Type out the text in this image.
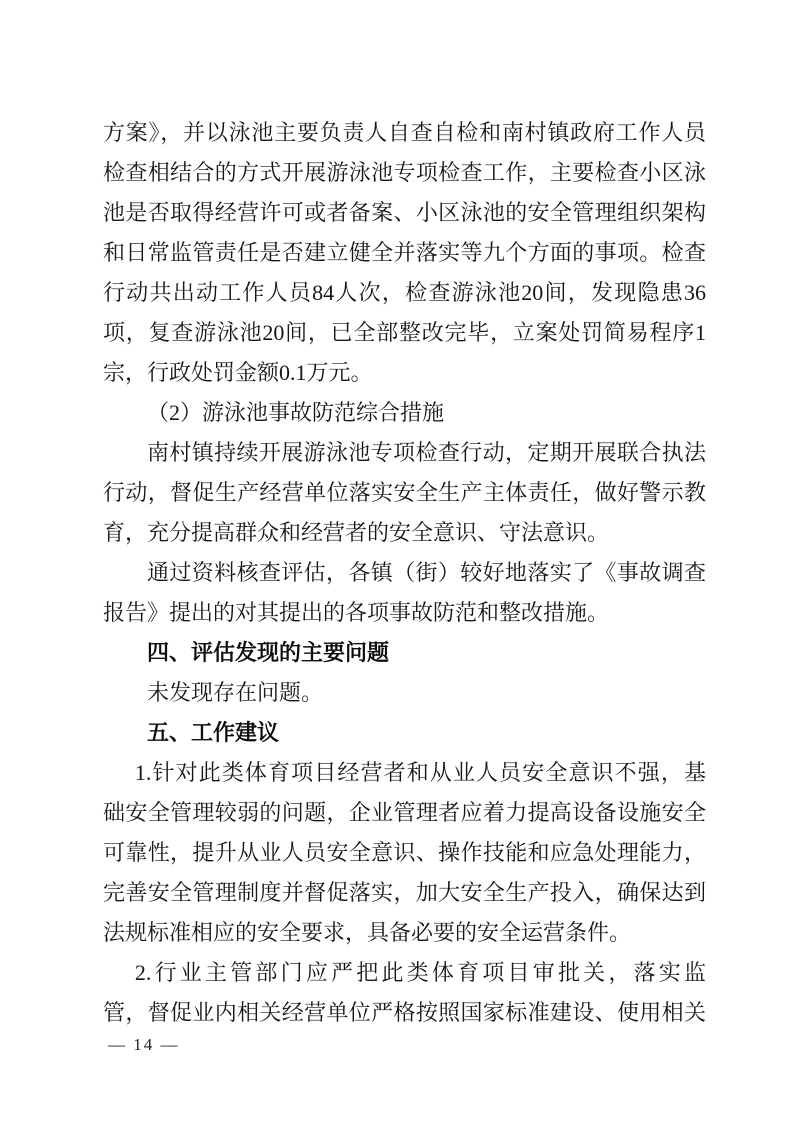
方案》，并以泳池主要负责人自查自检和南村镇政府工作人员
检查相结合的方式开展游泳池专项检查工作，主要检查小区泳
池是否取得经营许可或者备案、小区泳池的安全管理组织架构
和日常监管责任是否建立健全并落实等九个方面的事项。检查
行动共出动工作人员84人次，检查游泳池20间，发现隐患36
项，复查游泳池20间，已全部整改完毕，立案处罚简易程序1
宗，行政处罚金额0.1万元。
（2）游泳池事故防范综合措施
南村镇持续开展游泳池专项检查行动，定期开展联合执法
行动，督促生产经营单位落实安全生产主体责任，做好警示教
育，充分提高群众和经营者的安全意识、守法意识。
通过资料核查评估，各镇（街）较好地落实了《事故调查
报告》提出的对其提出的各项事故防范和整改措施。
四、评估发现的主要问题
未发现存在问题。
五、工作建议
1.针对此类体育项目经营者和从业人员安全意识不强，基
础安全管理较弱的问题，企业管理者应着力提高设备设施安全
可靠性，提升从业人员安全意识、操作技能和应急处理能力，
完善安全管理制度并督促落实，加大安全生产投入，确保达到
法规标准相应的安全要求，具备必要的安全运营条件。
2.行业主管部门应严把此类体育项目审批关，落实监
管，督促业内相关经营单位严格按照国家标准建设、使用相关
— 14 —
